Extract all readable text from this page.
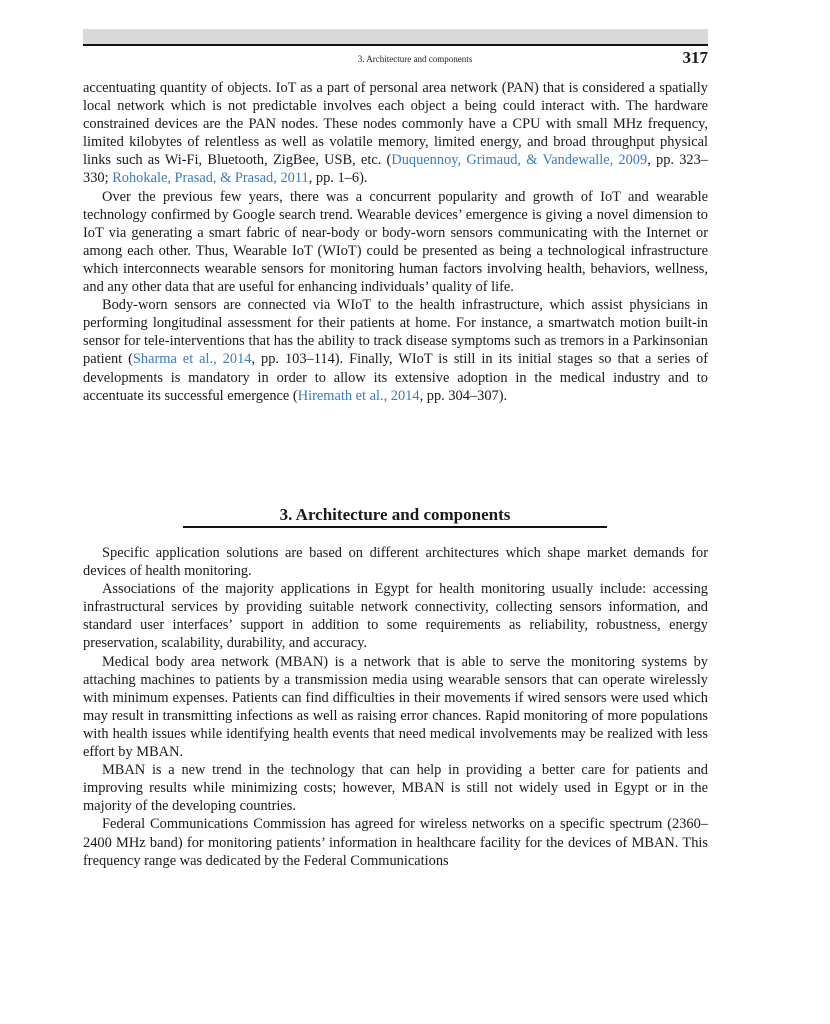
3. Architecture and components	317

accentuating quantity of objects. IoT as a part of personal area network (PAN) that is considered a spatially local network which is not predictable involves each object a being could interact with. The hardware constrained devices are the PAN nodes. These nodes commonly have a CPU with small MHz frequency, limited kilobytes of relentless as well as volatile memory, limited energy, and broad throughput physical links such as Wi-Fi, Bluetooth, ZigBee, USB, etc. (Duquennoy, Grimaud, & Vandewalle, 2009, pp. 323–330; Rohokale, Prasad, & Prasad, 2011, pp. 1–6).

Over the previous few years, there was a concurrent popularity and growth of IoT and wearable technology confirmed by Google search trend. Wearable devices’ emergence is giving a novel dimension to IoT via generating a smart fabric of near-body or body-worn sensors communicating with the Internet or among each other. Thus, Wearable IoT (WIoT) could be presented as being a technological infrastructure which interconnects wearable sensors for monitoring human factors involving health, behaviors, wellness, and any other data that are useful for enhancing individuals’ quality of life.

Body-worn sensors are connected via WIoT to the health infrastructure, which assist physicians in performing longitudinal assessment for their patients at home. For instance, a smartwatch motion built-in sensor for tele-interventions that has the ability to track disease symptoms such as tremors in a Parkinsonian patient (Sharma et al., 2014, pp. 103–114). Finally, WIoT is still in its initial stages so that a series of developments is mandatory in order to allow its extensive adoption in the medical industry and to accentuate its successful emergence (Hiremath et al., 2014, pp. 304–307).

3. Architecture and components

Specific application solutions are based on different architectures which shape market demands for devices of health monitoring.

Associations of the majority applications in Egypt for health monitoring usually include: accessing infrastructural services by providing suitable network connectivity, collecting sensors information, and standard user interfaces’ support in addition to some requirements as reliability, robustness, energy preservation, scalability, durability, and accuracy.

Medical body area network (MBAN) is a network that is able to serve the monitoring systems by attaching machines to patients by a transmission media using wearable sensors that can operate wirelessly with minimum expenses. Patients can find difficulties in their movements if wired sensors were used which may result in transmitting infections as well as raising error chances. Rapid monitoring of more populations with health issues while identifying health events that need medical involvements may be realized with less effort by MBAN.

MBAN is a new trend in the technology that can help in providing a better care for patients and improving results while minimizing costs; however, MBAN is still not widely used in Egypt or in the majority of the developing countries.

Federal Communications Commission has agreed for wireless networks on a specific spectrum (2360–2400 MHz band) for monitoring patients’ information in healthcare facility for the devices of MBAN. This frequency range was dedicated by the Federal Communications
